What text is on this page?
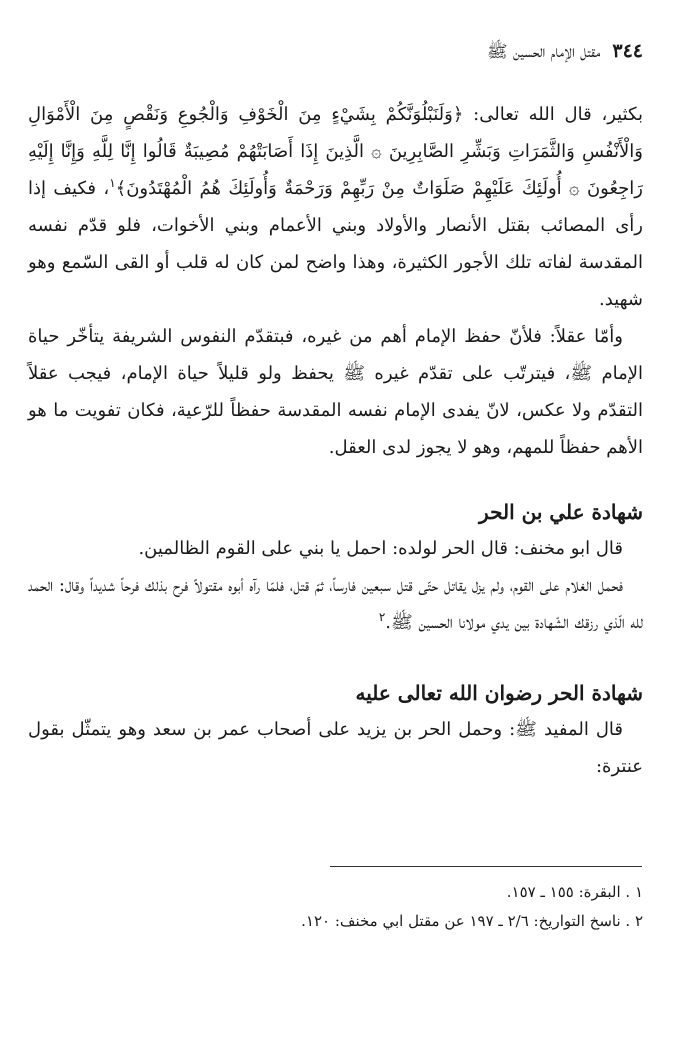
٣٤٤
مقتل الإمام الحسين ﷺ

بكثير، قال الله تعالى: ﴿وَلَنَبْلُوَنَّكُمْ بِشَيْءٍ مِنَ الْخَوْفِ وَالْجُوعِ وَنَقْصٍ مِنَ الْأَمْوَالِ وَالْأَنْفُسِ وَالثَّمَرَاتِ وَبَشِّرِ الصَّابِرِينَ ۞ الَّذِينَ إِذَا أَصَابَتْهُمْ مُصِيبَةٌ قَالُوا إِنَّا لِلَّهِ وَإِنَّا إِلَيْهِ رَاجِعُونَ ۞ أُولَئِكَ عَلَيْهِمْ صَلَوَاتٌ مِنْ رَبِّهِمْ وَرَحْمَةٌ وَأُولَئِكَ هُمُ الْمُهْتَدُونَ﴾$^١$، فكيف إذا رأى المصائب بقتل الأنصار والأولاد وبني الأعمام وبني الأخوات، فلو قدّم نفسه المقدسة لفاته تلك الأجور الكثيرة، وهذا واضح لمن كان له قلب أو القى السّمع وهو شهيد.

وأمّا عقلاً: فلأنّ حفظ الإمام أهم من غيره، فبتقدّم النفوس الشريفة يتأخّر حياة الإمام ﷺ، فيترتّب على تقدّم غيره ﷺ يحفظ ولو قليلاً حياة الإمام، فيجب عقلاً التقدّم ولا عكس، لانّ يفدى الإمام نفسه المقدسة حفظاً للرّعية، فكان تفويت ما هو الأهم حفظاً للمهم، وهو لا يجوز لدى العقل.

شهادة علي بن الحر

قال ابو مخنف: قال الحر لولده: احمل يا بني على القوم الظالمين.

فحمل الغلام على القوم، ولم يزل يقاتل حتّى قتل سبعين فارساً، ثمّ قتل، فلمّا رآه أبوه مقتولاً فرح بذلك فرحاً شديداً وقال: الحمد لله الّذي رزقك الشّهادة بين يدي مولانا الحسين ﷺ.$^٢$

شهادة الحر رضوان الله تعالى عليه

قال المفيد ﷺ: وحمل الحر بن يزيد على أصحاب عمر بن سعد وهو يتمثّل بقول عنترة:

١ . البقرة: ١٥٥ ـ ١٥٧.
٢ . ناسخ التواريخ: ٢/٦ ـ ١٩٧ عن مقتل ابي مخنف: ١٢٠.
